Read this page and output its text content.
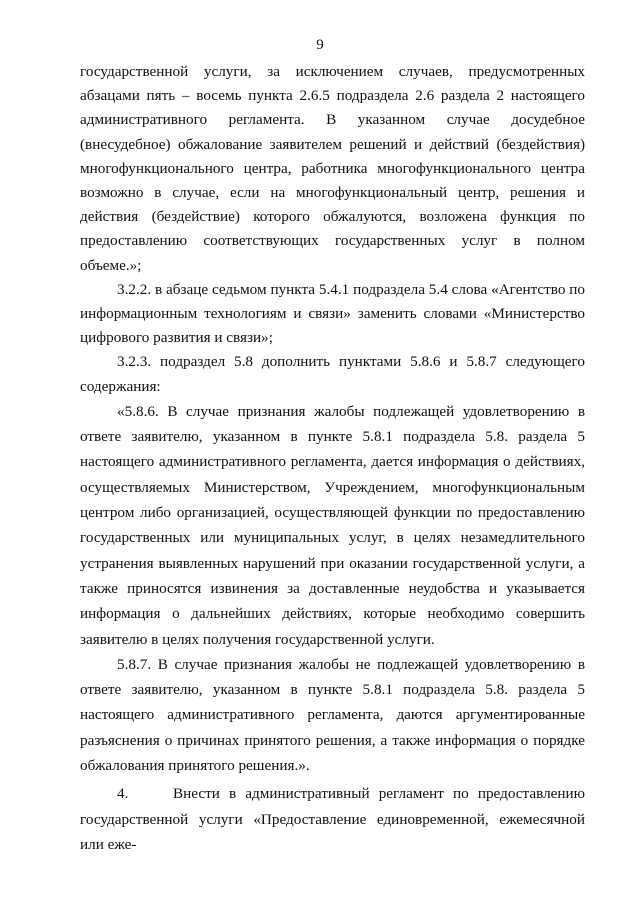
9

государственной услуги, за исключением случаев, предусмотренных абзацами пять – восемь пункта 2.6.5 подраздела 2.6 раздела 2 настоящего административного регламента. В указанном случае досудебное (внесудебное) обжалование заявителем решений и действий (бездействия) многофункционального центра, работника многофункционального центра возможно в случае, если на многофункциональный центр, решения и действия (бездействие) которого обжалуются, возложена функция по предоставлению соответствующих государственных услуг в полном объеме.»;

3.2.2. в абзаце седьмом пункта 5.4.1 подраздела 5.4 слова «Агентство по информационным технологиям и связи» заменить словами «Министерство цифрового развития и связи»;

3.2.3. подраздел 5.8 дополнить пунктами 5.8.6 и 5.8.7 следующего содержания:

«5.8.6. В случае признания жалобы подлежащей удовлетворению в ответе заявителю, указанном в пункте 5.8.1 подраздела 5.8. раздела 5 настоящего административного регламента, дается информация о действиях, осуществляемых Министерством, Учреждением, многофункциональным центром либо организацией, осуществляющей функции по предоставлению государственных или муниципальных услуг, в целях незамедлительного устранения выявленных нарушений при оказании государственной услуги, а также приносятся извинения за доставленные неудобства и указывается информация о дальнейших действиях, которые необходимо совершить заявителю в целях получения государственной услуги.

5.8.7. В случае признания жалобы не подлежащей удовлетворению в ответе заявителю, указанном в пункте 5.8.1 подраздела 5.8. раздела 5 настоящего административного регламента, даются аргументированные разъяснения о причинах принятого решения, а также информация о порядке обжалования принятого решения.».

4.	Внести в административный регламент по предоставлению государственной услуги «Предоставление единовременной, ежемесячной или еже-
